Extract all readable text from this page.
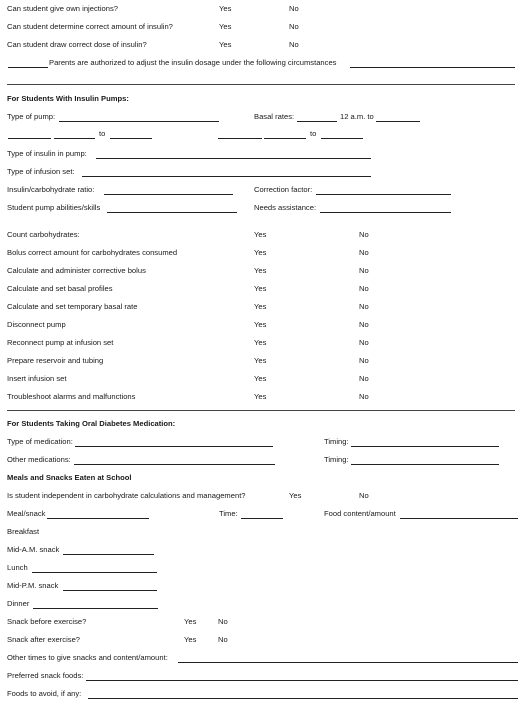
Can student give own injections?	Yes	No
Can student determine correct amount of insulin?	Yes	No
Can student draw correct dose of insulin?	Yes	No
Parents are authorized to adjust the insulin dosage under the following circumstances
For Students With Insulin Pumps:
Type of pump:	Basal rates:	12 a.m. to
to	to
Type of insulin in pump:
Type of infusion set:
Insulin/carbohydrate ratio:	Correction factor:
Student pump abilities/skills	Needs assistance:
Count carbohydrates:	Yes	No
Bolus correct amount for carbohydrates consumed	Yes	No
Calculate and administer corrective bolus	Yes	No
Calculate and set basal profiles	Yes	No
Calculate and set temporary basal rate	Yes	No
Disconnect pump	Yes	No
Reconnect pump at infusion set	Yes	No
Prepare reservoir and tubing	Yes	No
Insert infusion set	Yes	No
Troubleshoot alarms and malfunctions	Yes	No
For Students Taking Oral Diabetes Medication:
Type of medication:	Timing:
Other medications:	Timing:
Meals and Snacks Eaten at School
Is student independent in carbohydrate calculations and management?	Yes	No
Meal/snack	Time:	Food content/amount
Breakfast
Mid-A.M. snack
Lunch
Mid-P.M. snack
Dinner
Snack before exercise?	Yes	No
Snack after exercise?	Yes	No
Other times to give snacks and content/amount:
Preferred snack foods:
Foods to avoid, if any:
